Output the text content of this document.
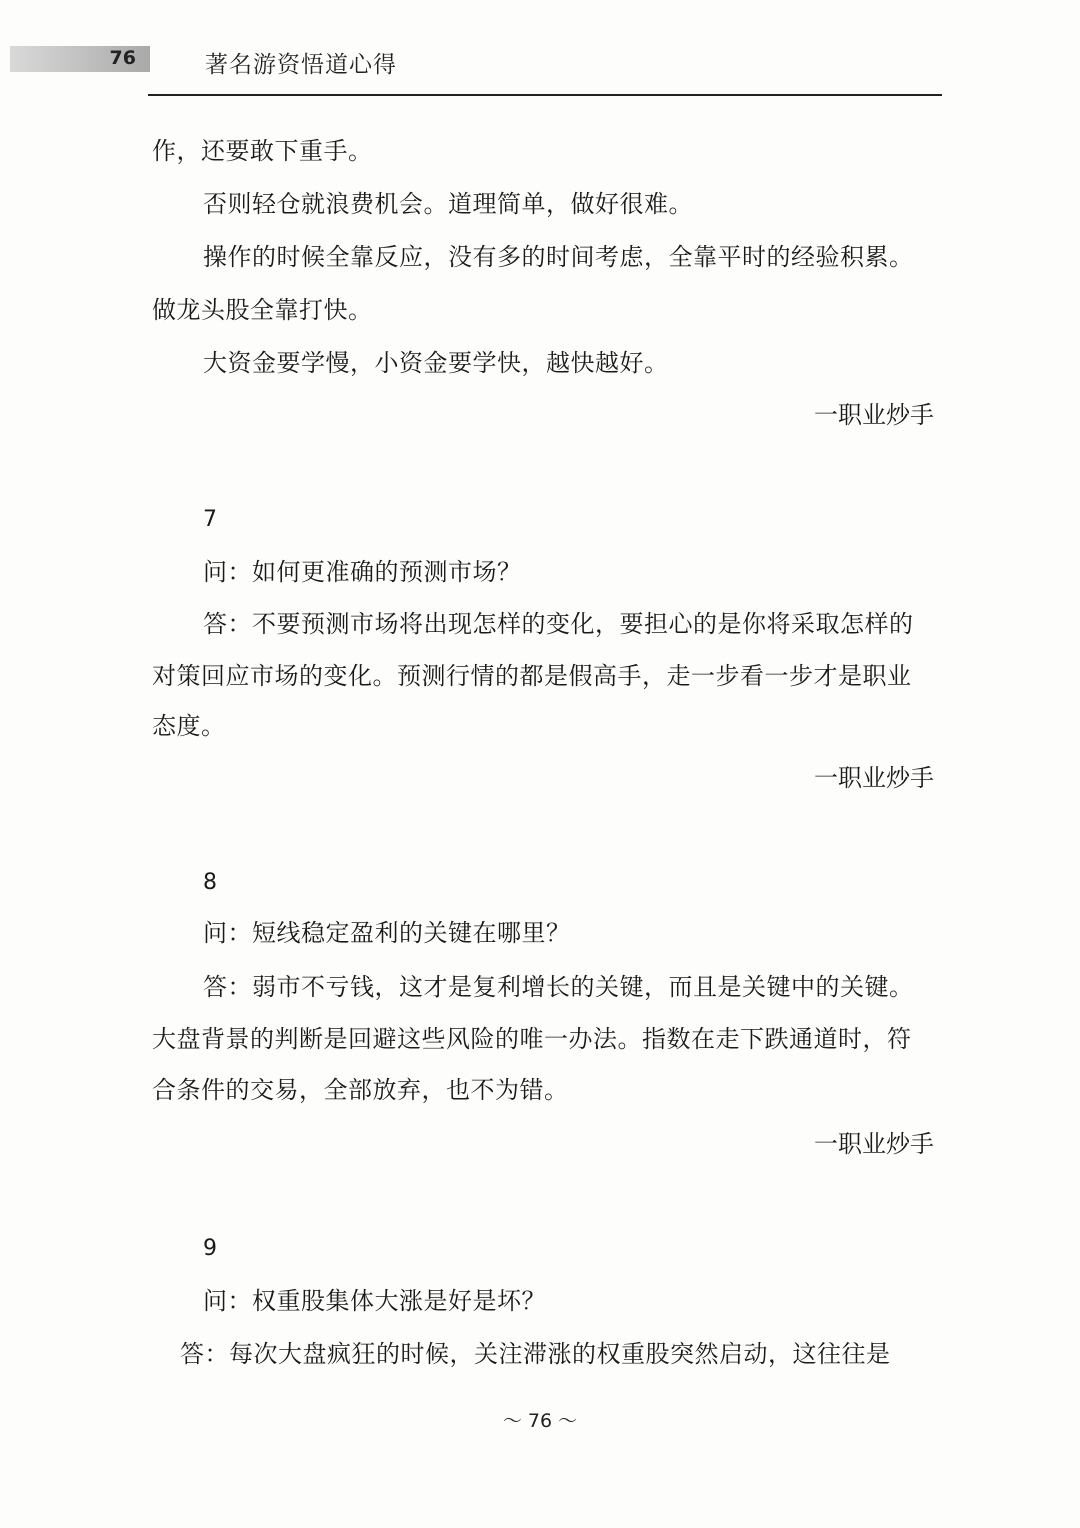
76	著名游资悟道心得
作，还要敢下重手。
否则轻仓就浪费机会。道理简单，做好很难。
操作的时候全靠反应，没有多的时间考虑，全靠平时的经验积累。
做龙头股全靠打快。
大资金要学慢，小资金要学快，越快越好。
一职业炒手
7
问：如何更准确的预测市场？
答：不要预测市场将出现怎样的变化，要担心的是你将采取怎样的
对策回应市场的变化。预测行情的都是假高手，走一步看一步才是职业
态度。
一职业炒手
8
问：短线稳定盈利的关键在哪里？
答：弱市不亏钱，这才是复利增长的关键，而且是关键中的关键。
大盘背景的判断是回避这些风险的唯一办法。指数在走下跌通道时，符
合条件的交易，全部放弃，也不为错。
一职业炒手
9
问：权重股集体大涨是好是坏？
答：每次大盘疯狂的时候，关注滞涨的权重股突然启动，这往往是
～ 76 ～
